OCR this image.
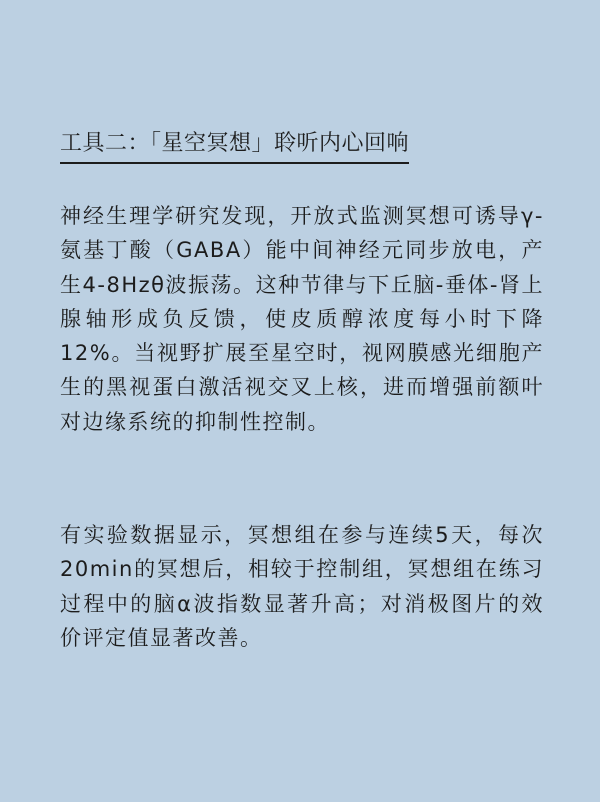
工具二：「星空冥想」聆听内心回响

神经生理学研究发现，开放式监测冥想可诱导γ-氨基丁酸（GABA）能中间神经元同步放电，产生4-8Hzθ波振荡。这种节律与下丘脑-垂体-肾上腺轴形成负反馈，使皮质醇浓度每小时下降12%。当视野扩展至星空时，视网膜感光细胞产生的黑视蛋白激活视交叉上核，进而增强前额叶对边缘系统的抑制性控制。

有实验数据显示，冥想组在参与连续5天，每次20min的冥想后，相较于控制组，冥想组在练习过程中的脑α波指数显著升高；对消极图片的效价评定值显著改善。
